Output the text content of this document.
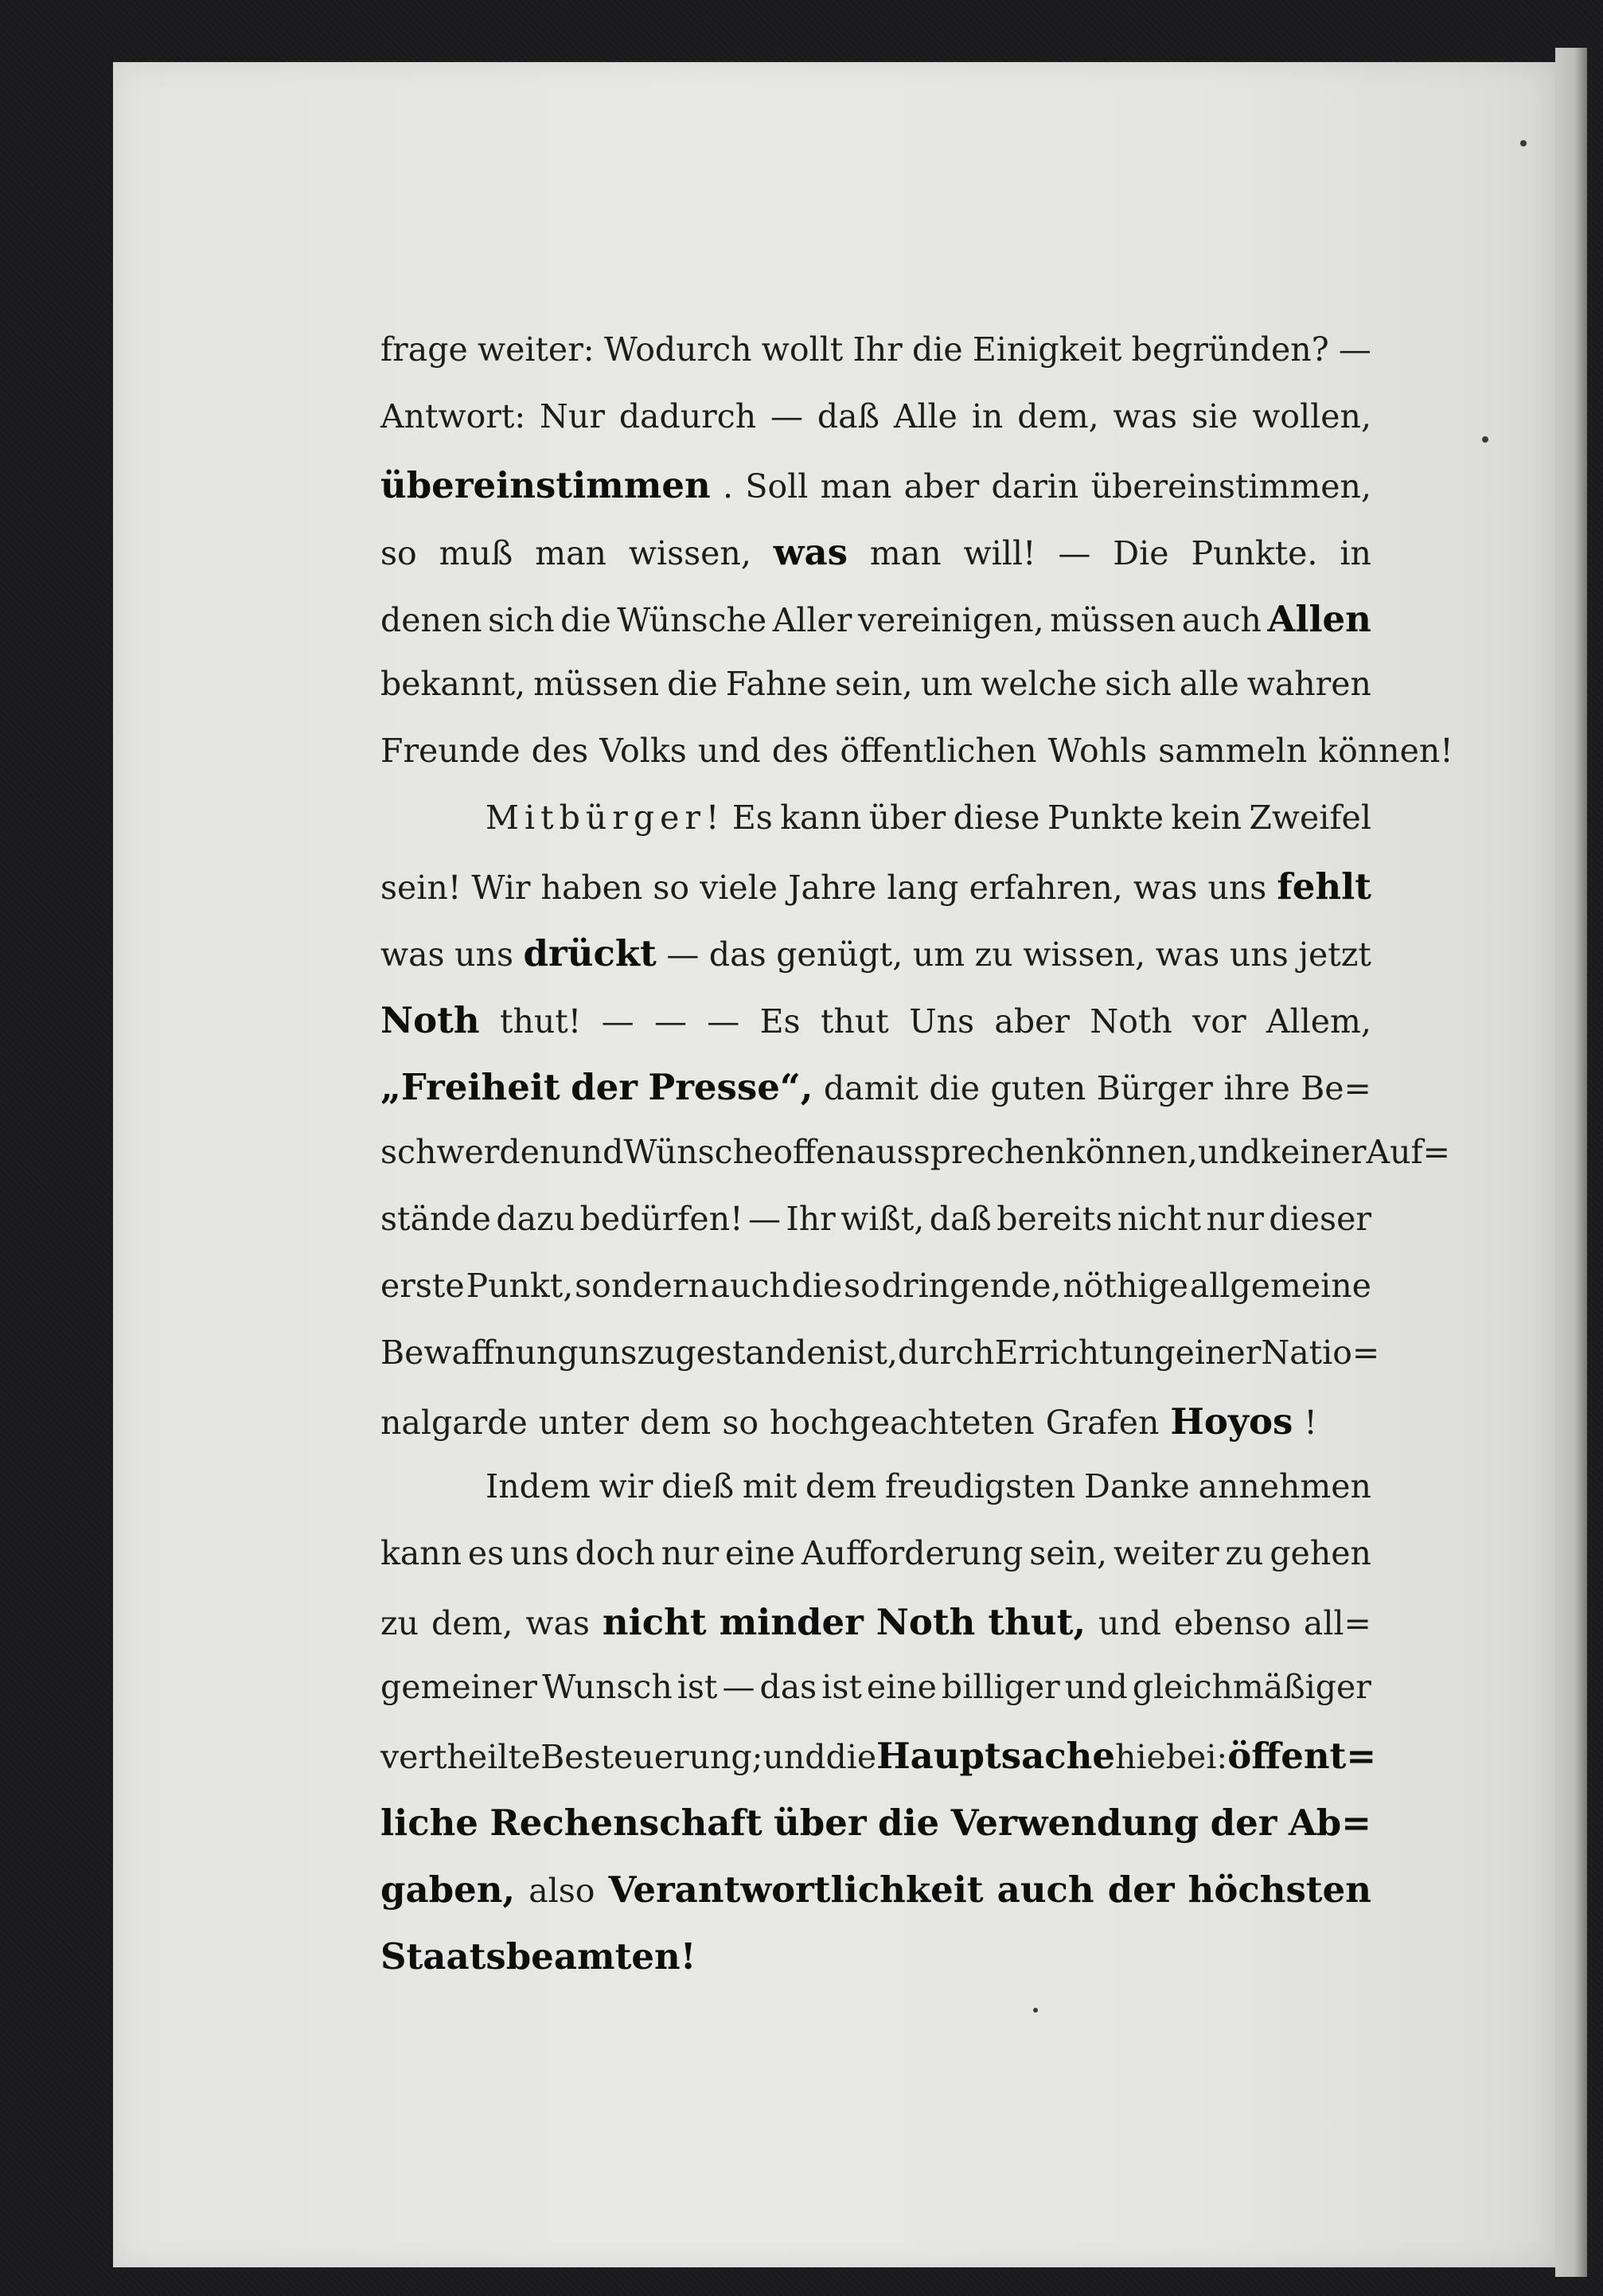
frage weiter: Wodurch wollt Ihr die Einigkeit begründen? —
Antwort: Nur dadurch — daß Alle in dem, was sie wollen,
übereinstimmen . Soll man aber darin übereinstimmen,
so muß man wissen, was man will! — Die Punkte. in
denen sich die Wünsche Aller vereinigen, müssen auch Allen
bekannt, müssen die Fahne sein, um welche sich alle wahren
Freunde des Volks und des öffentlichen Wohls sammeln können!
Mitbürger! Es kann über diese Punkte kein Zweifel
sein! Wir haben so viele Jahre lang erfahren, was uns fehlt
was uns drückt — das genügt, um zu wissen, was uns jetzt
Noth thut! — — — Es thut Uns aber Noth vor Allem,
„Freiheit der Presse“, damit die guten Bürger ihre Be=
schwerden und Wünsche offen aussprechen können, und keiner Auf=
stände dazu bedürfen! — Ihr wißt, daß bereits nicht nur dieser
erste Punkt, sondern auch die so dringende, nöthige allgemeine
Bewaffnung uns zugestanden ist, durch Errichtung einer Natio=
nalgarde unter dem so hochgeachteten Grafen Hoyos !
Indem wir dieß mit dem freudigsten Danke annehmen
kann es uns doch nur eine Aufforderung sein, weiter zu gehen
zu dem, was nicht minder Noth thut, und ebenso all=
gemeiner Wunsch ist — das ist eine billiger und gleichmäßiger
vertheilte Besteuerung; und die Hauptsache hiebei: öffent=
liche Rechenschaft über die Verwendung der Ab=
gaben, also Verantwortlichkeit auch der höchsten
Staatsbeamten!
